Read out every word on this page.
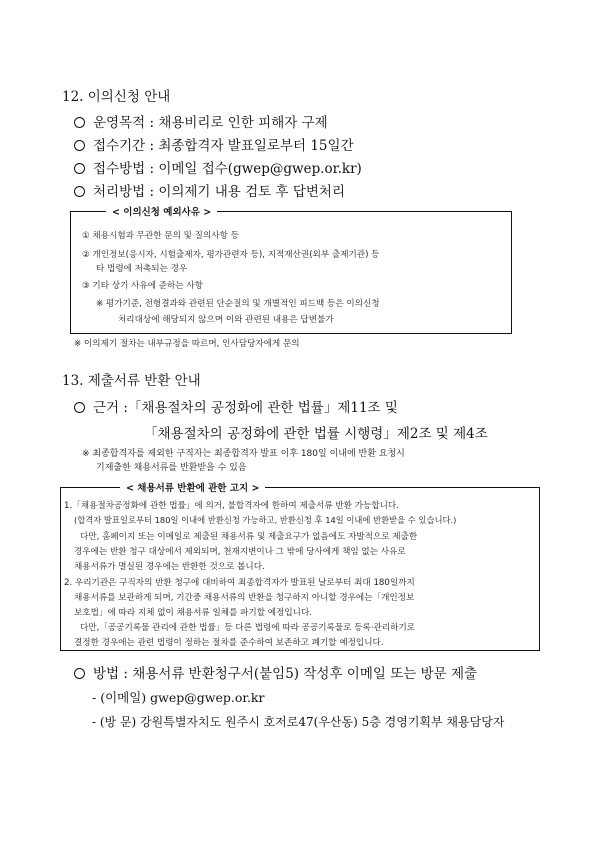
12. 이의신청 안내
운영목적 : 채용비리로 인한 피해자 구제
접수기간 : 최종합격자 발표일로부터 15일간
접수방법 : 이메일 접수(gwep@gwep.or.kr)
처리방법 : 이의제기 내용 검토 후 답변처리
< 이의신청 예외사유 >
① 채용시험과 무관한 문의 및 질의사항 등
② 개인정보(응시자, 시험출제자, 평가관련자 등), 지적재산권(외부 출제기관) 등
타 법령에 저촉되는 경우
③ 기타 상기 사유에 준하는 사항
※ 평가기준, 전형결과와 관련된 단순질의 및 개별적인 피드백 등은 이의신청
처리대상에 해당되지 않으며 이와 관련된 내용은 답변불가
※ 이의제기 절차는 내부규정을 따르며, 인사담당자에게 문의
13. 제출서류 반환 안내
근거 :「채용절차의 공정화에 관한 법률」제11조 및
「채용절차의 공정화에 관한 법률 시행령」제2조 및 제4조
※ 최종합격자를 제외한 구직자는 최종합격자 발표 이후 180일 이내에 반환 요청시
기제출한 채용서류를 반환받을 수 있음
< 채용서류 반환에 관한 고지 >
1.「채용절차공정화에 관한 법률」에 의거, 불합격자에 한하여 제출서류 반환 가능합니다.
(합격자 발표일로부터 180일 이내에 반환신청 가능하고, 반환신청 후 14일 이내에 반환받을 수 있습니다.)
다만, 홈페이지 또는 이메일로 제출된 채용서류 및 제출요구가 없음에도 자발적으로 제출한
경우에는 반환 청구 대상에서 제외되며, 천재지변이나 그 밖에 당사에게 책임 없는 사유로
채용서류가 멸실된 경우에는 반환한 것으로 봅니다.
2. 우리기관은 구직자의 반환 청구에 대비하여 최종합격자가 발표된 날로부터 최대 180일까지
채용서류를 보관하게 되며, 기간중 채용서류의 반환을 청구하지 아니할 경우에는「개인정보
보호법」에 따라 지체 없이 채용서류 일체를 파기할 예정입니다.
다만,「공공기록물 관리에 관한 법률」등 다른 법령에 따라 공공기록물로 등록·관리하기로
결정한 경우에는 관련 법령이 정하는 절차를 준수하여 보존하고 폐기할 예정입니다.
방법 : 채용서류 반환청구서(붙임5) 작성후 이메일 또는 방문 제출
- (이메일) gwep@gwep.or.kr
- (방 문) 강원특별자치도 원주시 호저로47(우산동) 5층 경영기획부 채용담당자
